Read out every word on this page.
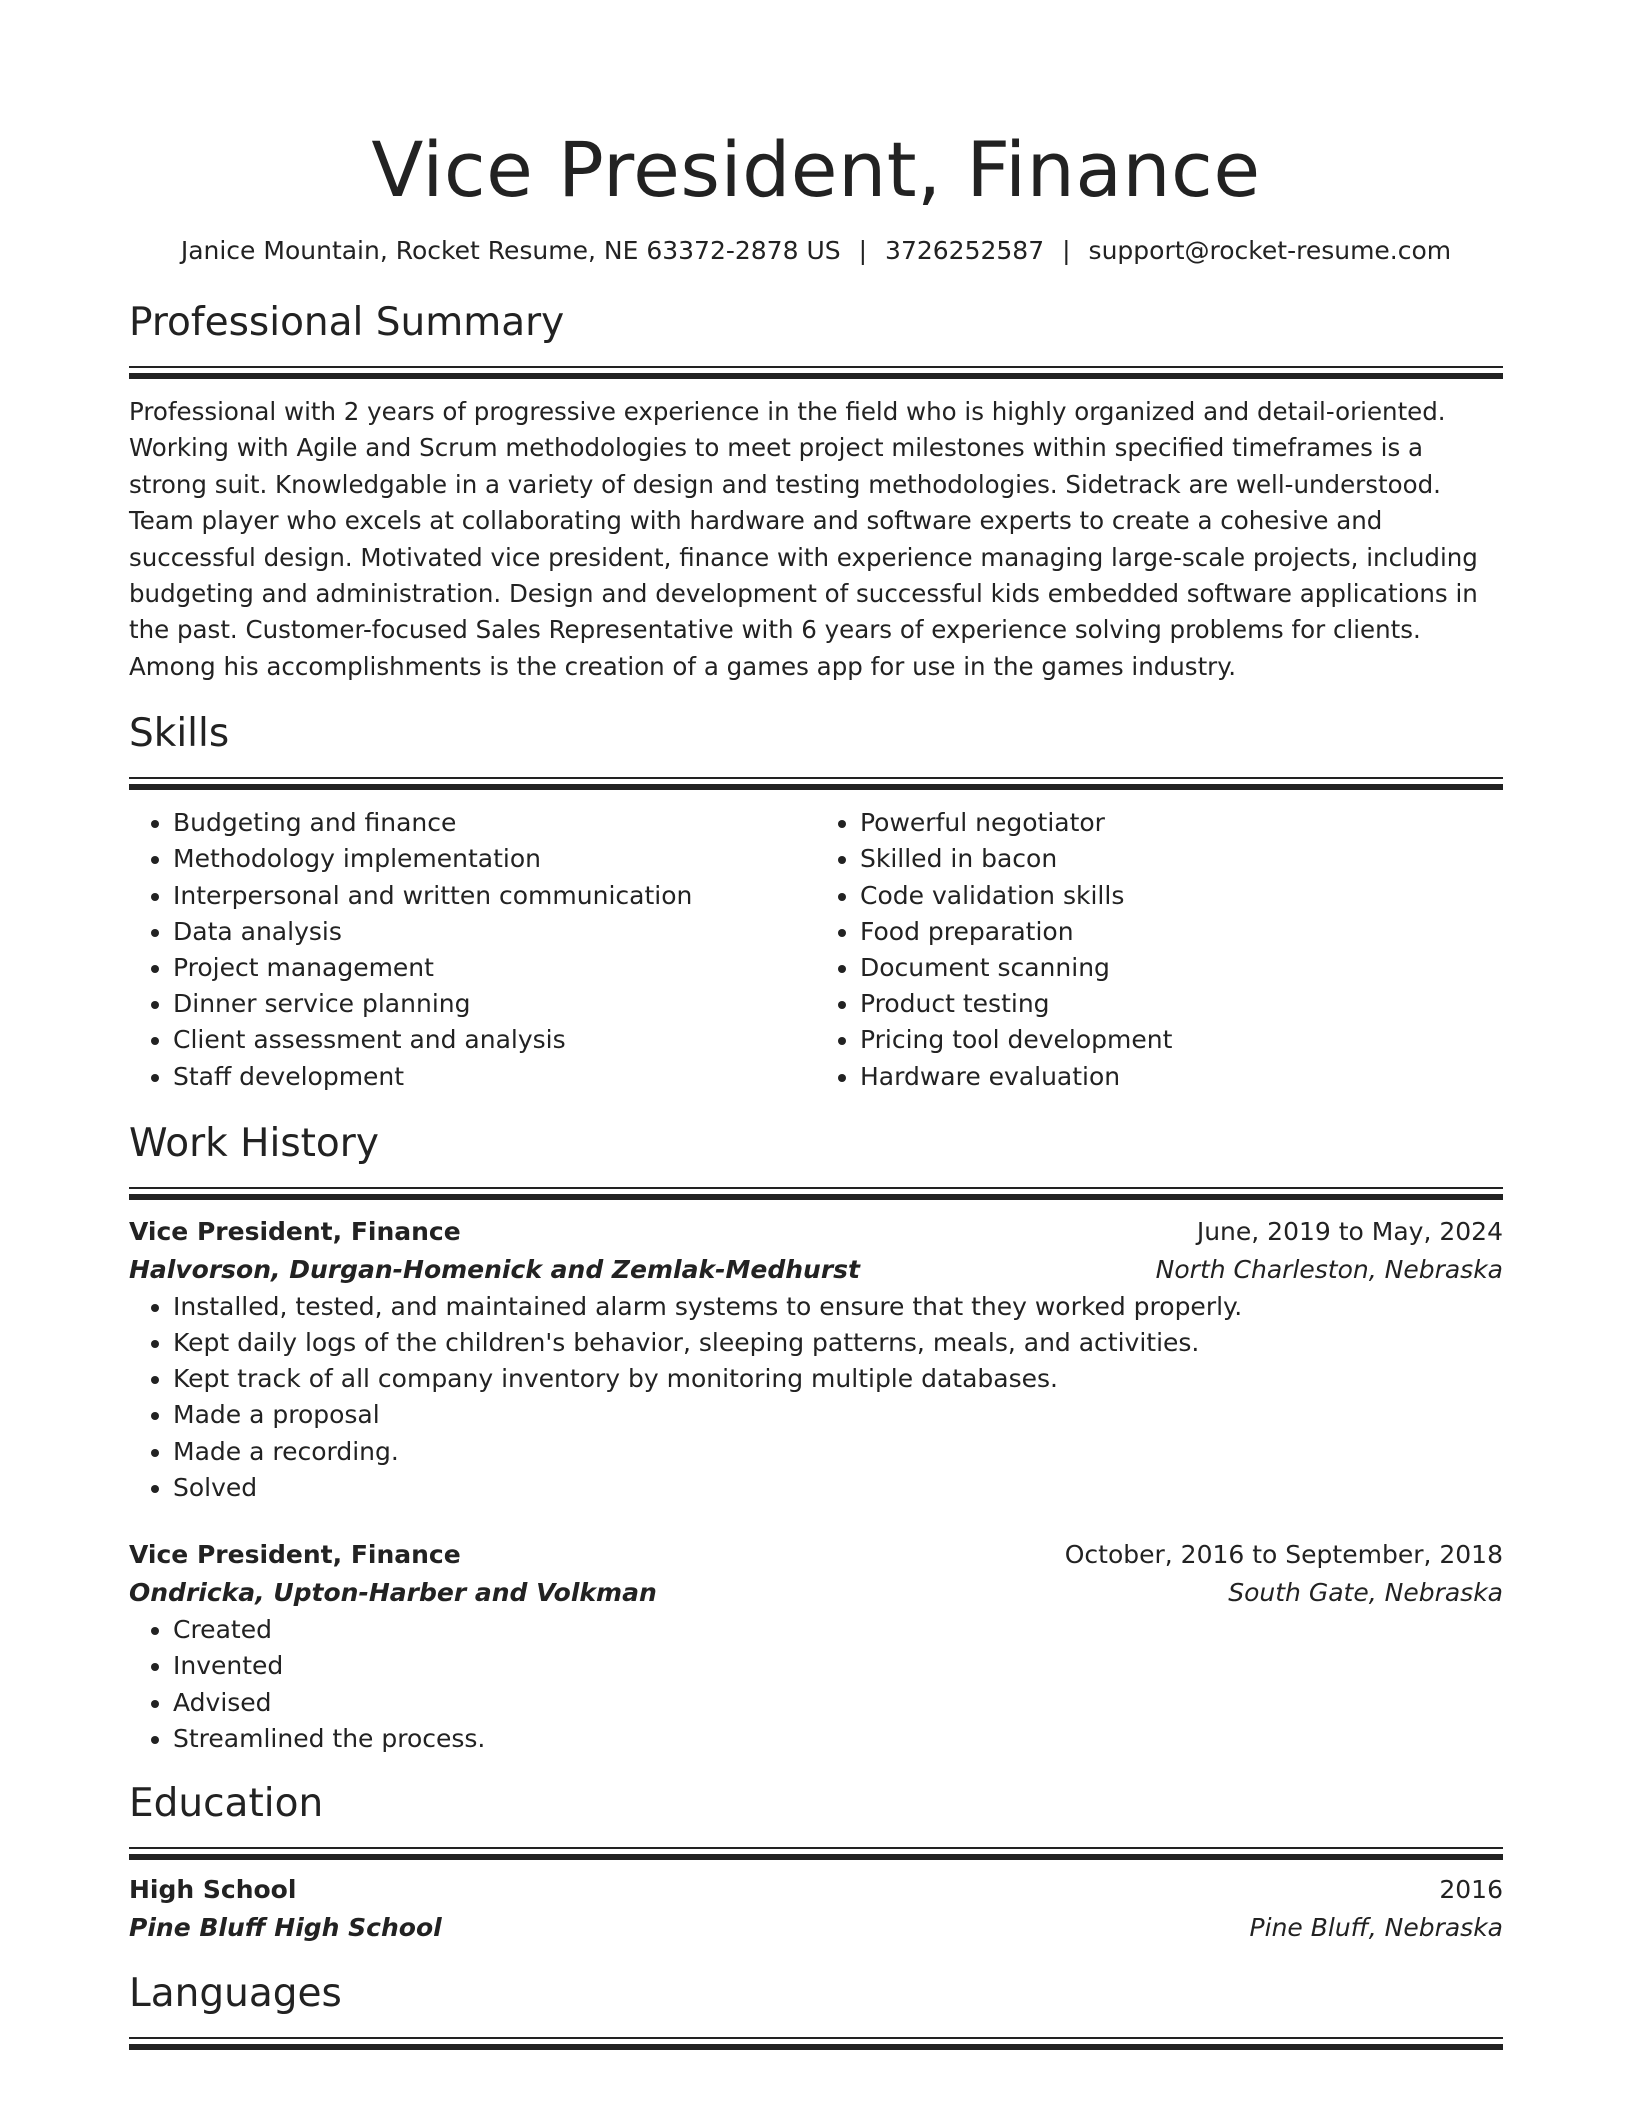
Vice President, Finance
Janice Mountain, Rocket Resume, NE 63372-2878 US | 3726252587 | support@rocket-resume.com
Professional Summary

Professional with 2 years of progressive experience in the field who is highly organized and detail-oriented. Working with Agile and Scrum methodologies to meet project milestones within specified timeframes is a strong suit. Knowledgable in a variety of design and testing methodologies. Sidetrack are well-understood. Team player who excels at collaborating with hardware and software experts to create a cohesive and successful design. Motivated vice president, finance with experience managing large-scale projects, including budgeting and administration. Design and development of successful kids embedded software applications in the past. Customer-focused Sales Representative with 6 years of experience solving problems for clients. Among his accomplishments is the creation of a games app for use in the games industry.

Skills
• Budgeting and finance
• Methodology implementation
• Interpersonal and written communication
• Data analysis
• Project management
• Dinner service planning
• Client assessment and analysis
• Staff development
• Powerful negotiator
• Skilled in bacon
• Code validation skills
• Food preparation
• Document scanning
• Product testing
• Pricing tool development
• Hardware evaluation
Work History
Vice President, Finance	June, 2019 to May, 2024
Halvorson, Durgan-Homenick and Zemlak-Medhurst	North Charleston, Nebraska
• Installed, tested, and maintained alarm systems to ensure that they worked properly.
• Kept daily logs of the children's behavior, sleeping patterns, meals, and activities.
• Kept track of all company inventory by monitoring multiple databases.
• Made a proposal
• Made a recording.
• Solved
Vice President, Finance	October, 2016 to September, 2018
Ondricka, Upton-Harber and Volkman	South Gate, Nebraska
• Created
• Invented
• Advised
• Streamlined the process.
Education
High School	2016
Pine Bluff High School	Pine Bluff, Nebraska
Languages
